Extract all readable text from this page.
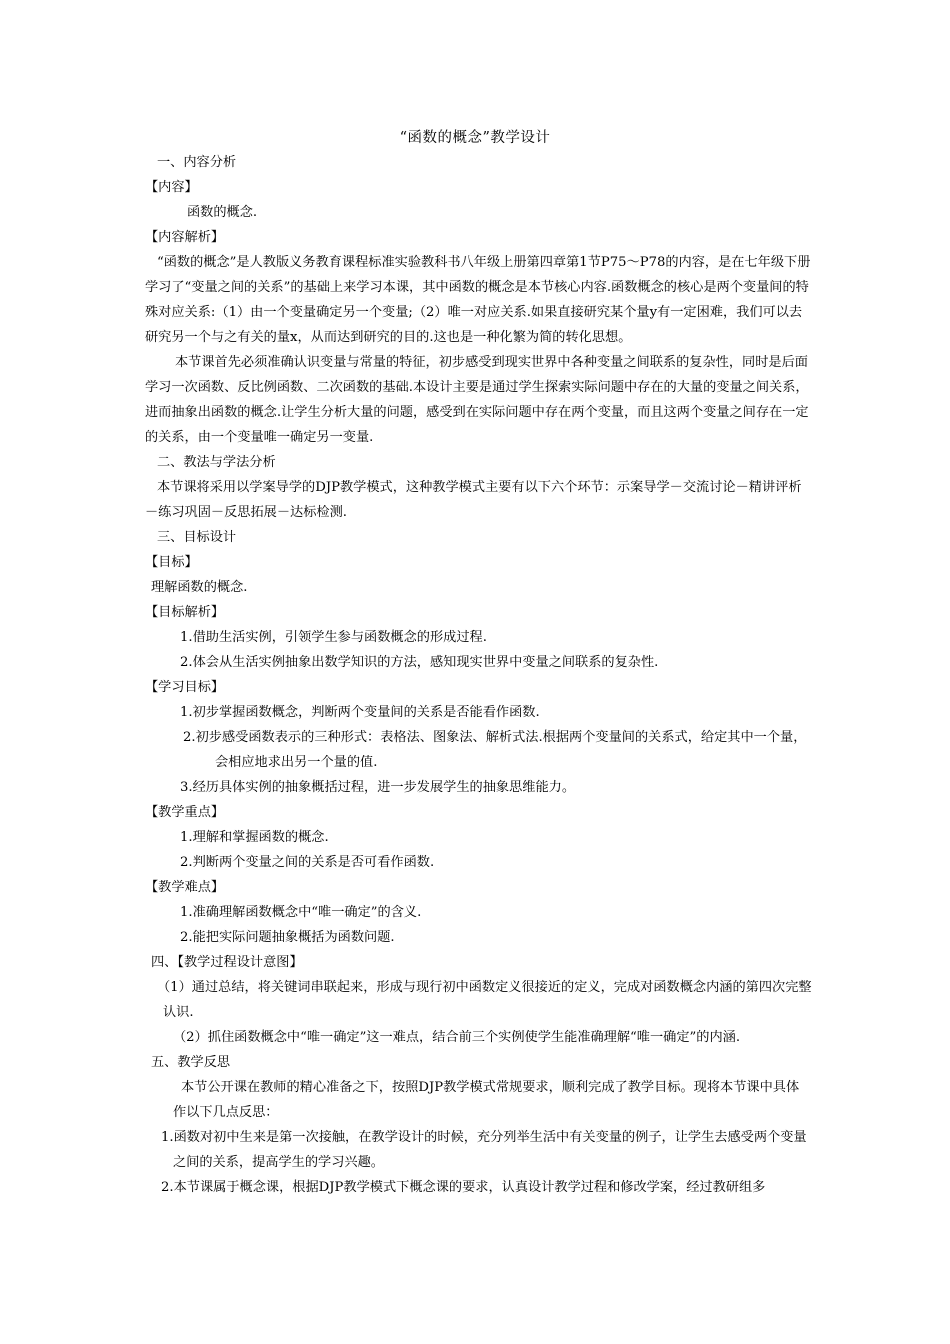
“函数的概念”教学设计

一、内容分析

【内容】

函数的概念.

【内容解析】

“函数的概念”是人教版义务教育课程标准实验教科书八年级上册第四章第1节P75～P78的内容，是在七年级下册学习了“变量之间的关系”的基础上来学习本课，其中函数的概念是本节核心内容.函数概念的核心是两个变量间的特殊对应关系:（1）由一个变量确定另一个变量;（2）唯一对应关系.如果直接研究某个量y有一定困难，我们可以去研究另一个与之有关的量x，从而达到研究的目的.这也是一种化繁为简的转化思想。

本节课首先必须准确认识变量与常量的特征，初步感受到现实世界中各种变量之间联系的复杂性，同时是后面学习一次函数、反比例函数、二次函数的基础.本设计主要是通过学生探索实际问题中存在的大量的变量之间关系，进而抽象出函数的概念.让学生分析大量的问题，感受到在实际问题中存在两个变量，而且这两个变量之间存在一定的关系，由一个变量唯一确定另一变量.

二、教法与学法分析

本节课将采用以学案导学的DJP教学模式，这种教学模式主要有以下六个环节：示案导学－交流讨论－精讲评析－练习巩固－反思拓展－达标检测.

三、目标设计

【目标】

理解函数的概念.

【目标解析】

1.借助生活实例，引领学生参与函数概念的形成过程.

2.体会从生活实例抽象出数学知识的方法，感知现实世界中变量之间联系的复杂性.

【学习目标】

1.初步掌握函数概念，判断两个变量间的关系是否能看作函数.

2.初步感受函数表示的三种形式：表格法、图象法、解析式法.根据两个变量间的关系式，给定其中一个量，会相应地求出另一个量的值.

3.经历具体实例的抽象概括过程，进一步发展学生的抽象思维能力。

【教学重点】

1.理解和掌握函数的概念.

2.判断两个变量之间的关系是否可看作函数.

【教学难点】

1.准确理解函数概念中“唯一确定”的含义.

2.能把实际问题抽象概括为函数问题.

四、【教学过程设计意图】

（1）通过总结，将关键词串联起来，形成与现行初中函数定义很接近的定义，完成对函数概念内涵的第四次完整认识.

（2）抓住函数概念中“唯一确定”这一难点，结合前三个实例使学生能准确理解“唯一确定”的内涵.

五、教学反思

本节公开课在教师的精心准备之下，按照DJP教学模式常规要求，顺利完成了教学目标。现将本节课中具体作以下几点反思：

1.函数对初中生来是第一次接触，在教学设计的时候，充分列举生活中有关变量的例子，让学生去感受两个变量之间的关系，提高学生的学习兴趣。

2.本节课属于概念课，根据DJP教学模式下概念课的要求，认真设计教学过程和修改学案，经过教研组多
